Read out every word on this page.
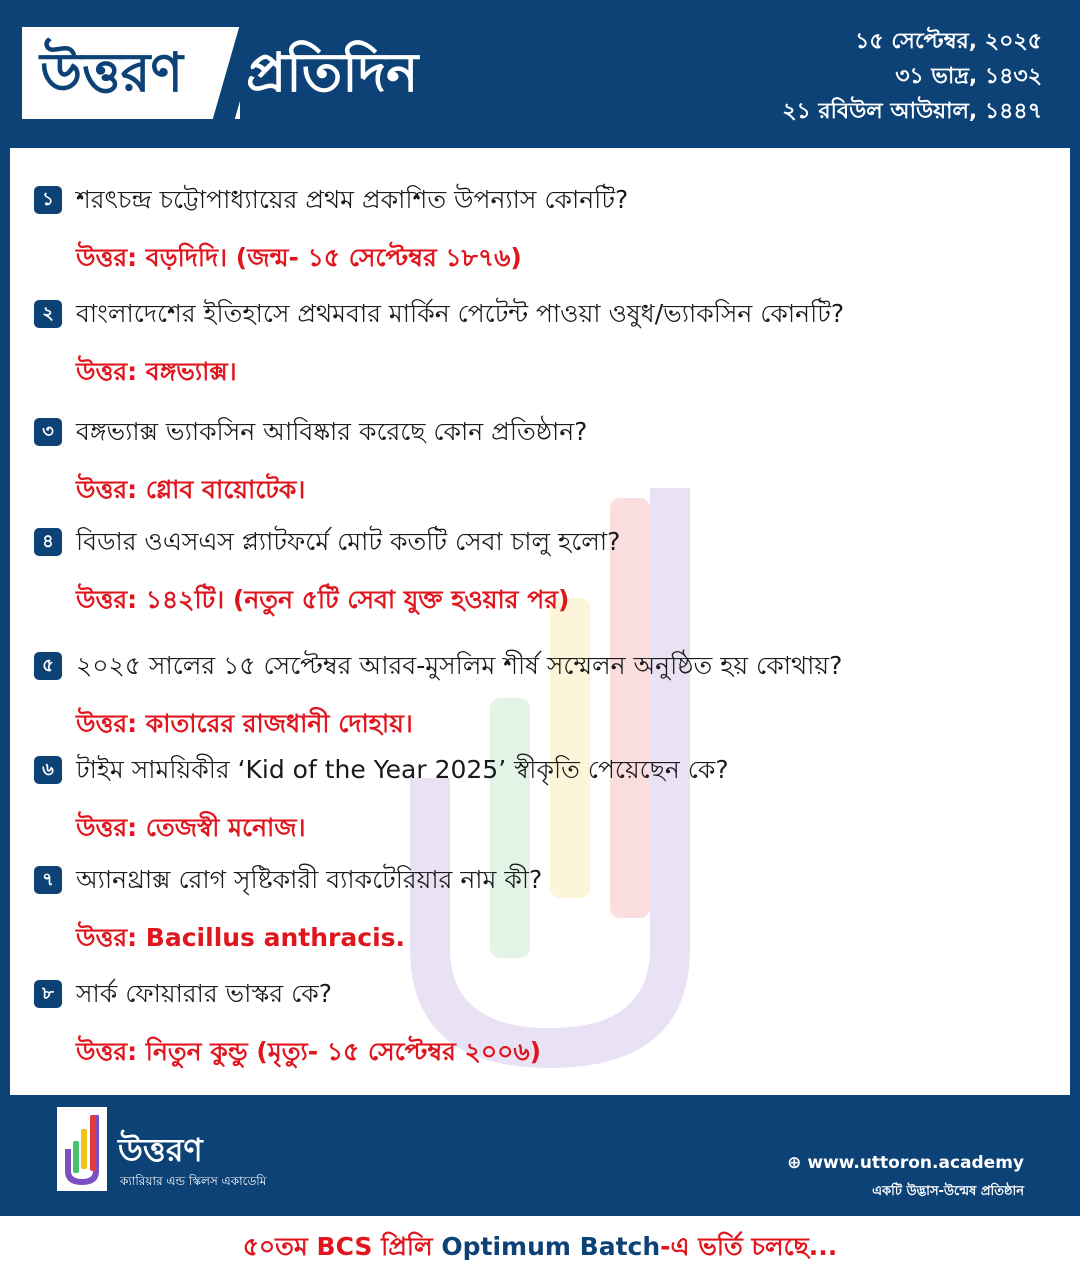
উত্তরণ প্রতিদিন	১৫ সেপ্টেম্বর, ২০২৫
৩১ ভাদ্র, ১৪৩২
২১ রবিউল আউয়াল, ১৪৪৭
১ শরৎচন্দ্র চট্টোপাধ্যায়ের প্রথম প্রকাশিত উপন্যাস কোনটি?
উত্তর: বড়দিদি। (জন্ম- ১৫ সেপ্টেম্বর ১৮৭৬)
২ বাংলাদেশের ইতিহাসে প্রথমবার মার্কিন পেটেন্ট পাওয়া ওষুধ/ভ্যাকসিন কোনটি?
উত্তর: বঙ্গভ্যাক্স।
৩ বঙ্গভ্যাক্স ভ্যাকসিন আবিষ্কার করেছে কোন প্রতিষ্ঠান?
উত্তর: গ্লোব বায়োটেক।
৪ বিডার ওএসএস প্ল্যাটফর্মে মোট কতটি সেবা চালু হলো?
উত্তর: ১৪২টি। (নতুন ৫টি সেবা যুক্ত হওয়ার পর)
৫ ২০২৫ সালের ১৫ সেপ্টেম্বর আরব-মুসলিম শীর্ষ সম্মেলন অনুষ্ঠিত হয় কোথায়?
উত্তর: কাতারের রাজধানী দোহায়।
৬ টাইম সাময়িকীর ‘Kid of the Year 2025’ স্বীকৃতি পেয়েছেন কে?
উত্তর: তেজস্বী মনোজ।
৭ অ্যানথ্রাক্স রোগ সৃষ্টিকারী ব্যাকটেরিয়ার নাম কী?
উত্তর: Bacillus anthracis.
৮ সার্ক ফোয়ারার ভাস্কর কে?
উত্তর: নিতুন কুন্ডু (মৃত্যু- ১৫ সেপ্টেম্বর ২০০৬)
উত্তরণ
ক্যারিয়ার এন্ড স্কিলস একাডেমি
⊕ www.uttoron.academy
একটি উদ্ভাস-উন্মেষ প্রতিষ্ঠান
৫০তম BCS প্রিলি Optimum Batch-এ ভর্তি চলছে...
